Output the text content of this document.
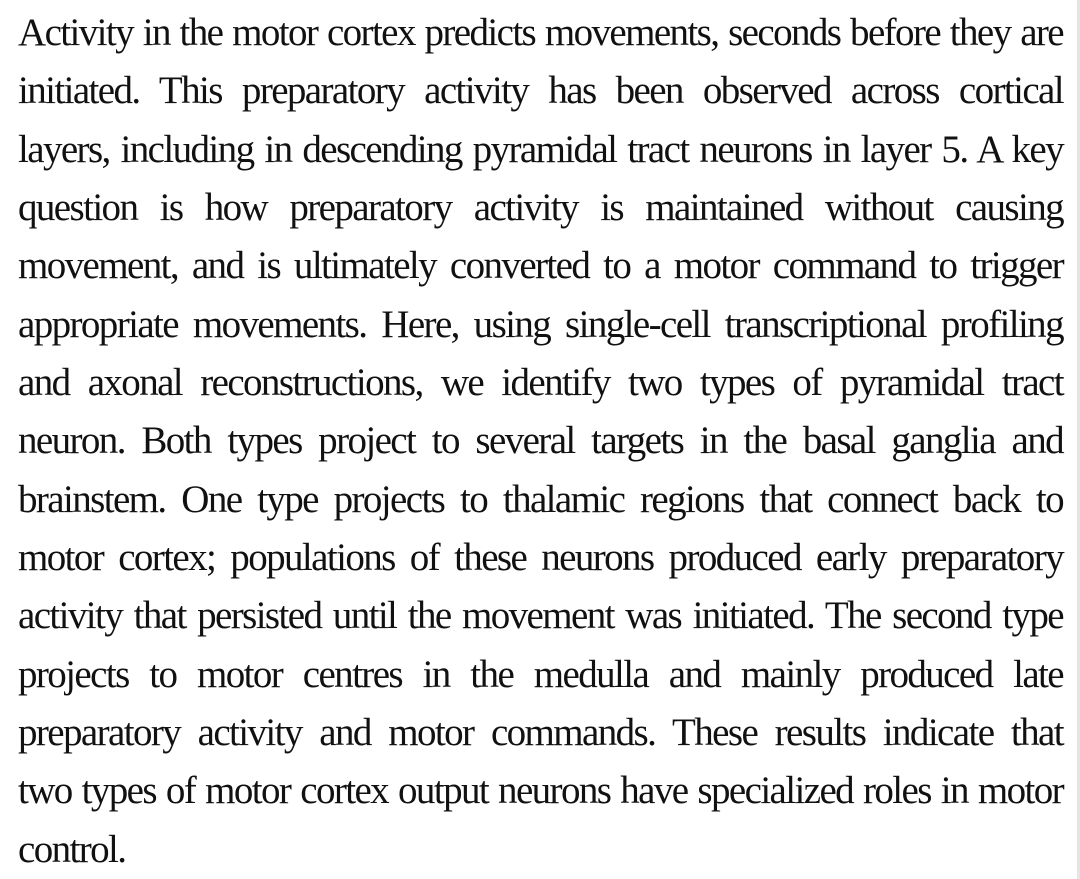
Activity in the motor cortex predicts movements, seconds before they are
initiated. This preparatory activity has been observed across cortical
layers, including in descending pyramidal tract neurons in layer 5. A key
question is how preparatory activity is maintained without causing
movement, and is ultimately converted to a motor command to trigger
appropriate movements. Here, using single-cell transcriptional profiling
and axonal reconstructions, we identify two types of pyramidal tract
neuron. Both types project to several targets in the basal ganglia and
brainstem. One type projects to thalamic regions that connect back to
motor cortex; populations of these neurons produced early preparatory
activity that persisted until the movement was initiated. The second type
projects to motor centres in the medulla and mainly produced late
preparatory activity and motor commands. These results indicate that
two types of motor cortex output neurons have specialized roles in motor
control.
